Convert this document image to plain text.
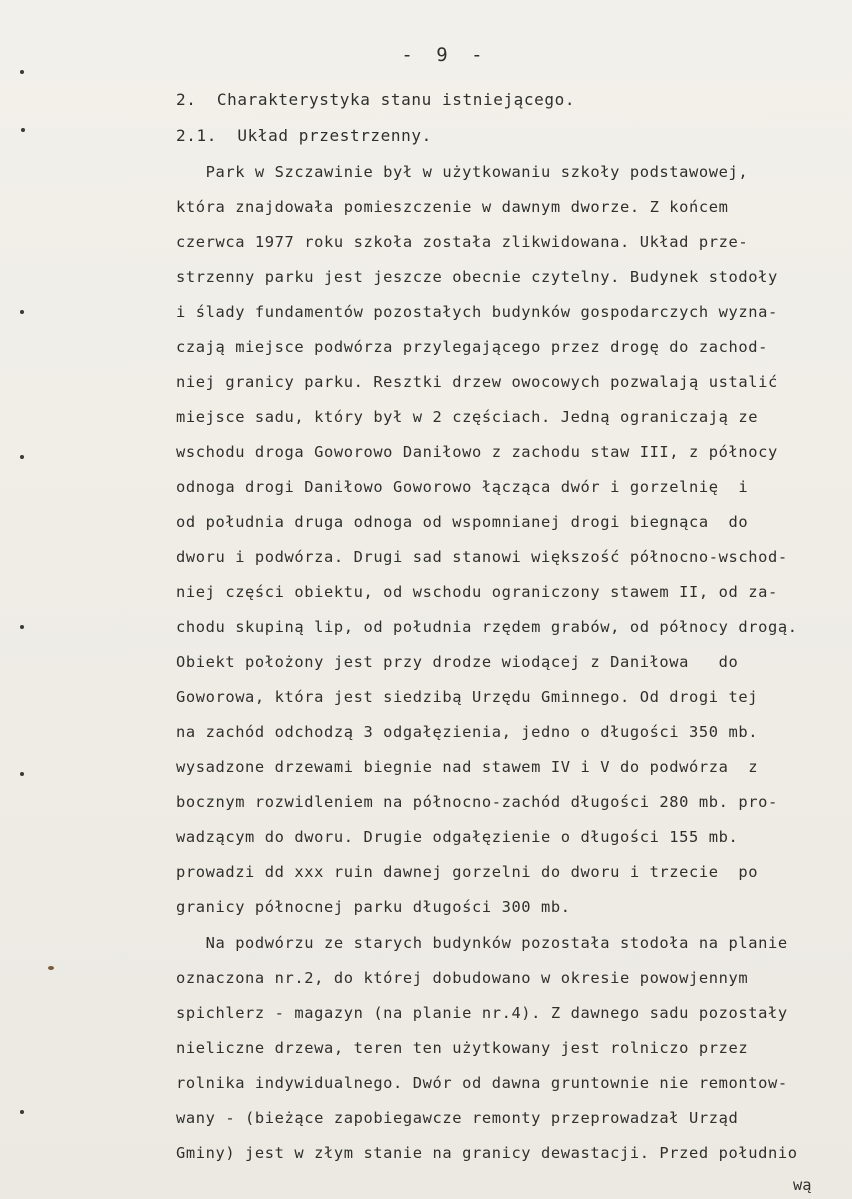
- 9 -
2.  Charakterystyka stanu istniejącego.
2.1.  Układ przestrzenny.
Park w Szczawinie był w użytkowaniu szkoły podstawowej,
która znajdowała pomieszczenie w dawnym dworze. Z końcem
czerwca 1977 roku szkoła została zlikwidowana. Układ prze-
strzenny parku jest jeszcze obecnie czytelny. Budynek stodoły
i ślady fundamentów pozostałych budynków gospodarczych wyzna-
czają miejsce podwórza przylegającego przez drogę do zachod-
niej granicy parku. Resztki drzew owocowych pozwalają ustalić
miejsce sadu, który był w 2 częściach. Jedną ograniczają ze
wschodu droga Goworowo Daniłowo z zachodu staw III, z północy
odnoga drogi Daniłowo Goworowo łącząca dwór i gorzelnię  i
od południa druga odnoga od wspomnianej drogi biegnąca  do
dworu i podwórza. Drugi sad stanowi większość północno-wschod-
niej części obiektu, od wschodu ograniczony stawem II, od za-
chodu skupiną lip, od południa rzędem grabów, od północy drogą.
Obiekt położony jest przy drodze wiodącej z Daniłowa   do
Goworowa, która jest siedzibą Urzędu Gminnego. Od drogi tej
na zachód odchodzą 3 odgałęzienia, jedno o długości 350 mb.
wysadzone drzewami biegnie nad stawem IV i V do podwórza  z
bocznym rozwidleniem na północno-zachód długości 280 mb. pro-
wadzącym do dworu. Drugie odgałęzienie o długości 155 mb.
prowadzi dd xxx ruin dawnej gorzelni do dworu i trzecie  po
granicy północnej parku długości 300 mb.
Na podwórzu ze starych budynków pozostała stodoła na planie
oznaczona nr.2, do której dobudowano w okresie powowjennym
spichlerz - magazyn (na planie nr.4). Z dawnego sadu pozostały
nieliczne drzewa, teren ten użytkowany jest rolniczo przez
rolnika indywidualnego. Dwór od dawna gruntownie nie remontow-
wany - (bieżące zapobiegawcze remonty przeprowadzał Urząd
Gminy) jest w złym stanie na granicy dewastacji. Przed południo
wą
